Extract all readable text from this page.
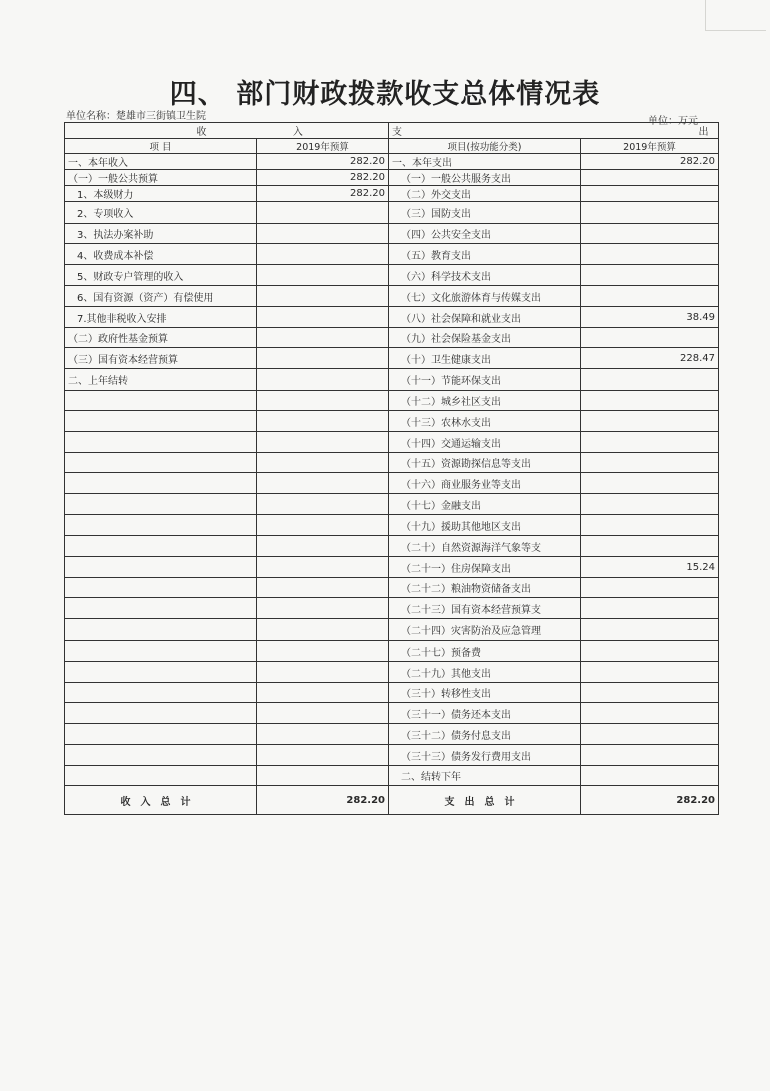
四、 部门财政拨款收支总体情况表
单位名称：楚雄市三街镇卫生院	单位：万元
收 入		支 出	
项 目	2019年预算	项目(按功能分类)	2019年预算
一、本年收入	282.20	一、本年支出	282.20
（一）一般公共预算	282.20	（一）一般公共服务支出	
1、本级财力	282.20	（二）外交支出	
2、专项收入		（三）国防支出	
3、执法办案补助		（四）公共安全支出	
4、收费成本补偿		（五）教育支出	
5、财政专户管理的收入		（六）科学技术支出	
6、国有资源（资产）有偿使用		（七）文化旅游体育与传媒支出	
7.其他非税收入安排		（八）社会保障和就业支出	38.49
（二）政府性基金预算		（九）社会保险基金支出	
（三）国有资本经营预算		（十）卫生健康支出	228.47
二、上年结转		（十一）节能环保支出	
		（十二）城乡社区支出	
		（十三）农林水支出	
		（十四）交通运输支出	
		（十五）资源勘探信息等支出	
		（十六）商业服务业等支出	
		（十七）金融支出	
		（十九）援助其他地区支出	
		（二十）自然资源海洋气象等支	
		（二十一）住房保障支出	15.24
		（二十二）粮油物资储备支出	
		（二十三）国有资本经营预算支	
		（二十四）灾害防治及应急管理	
		（二十七）预备费	
		（二十九）其他支出	
		（三十）转移性支出	
		（三十一）债务还本支出	
		（三十二）债务付息支出	
		（三十三）债务发行费用支出	
		二、结转下年	
收入总计	282.20	支出总计	282.20
